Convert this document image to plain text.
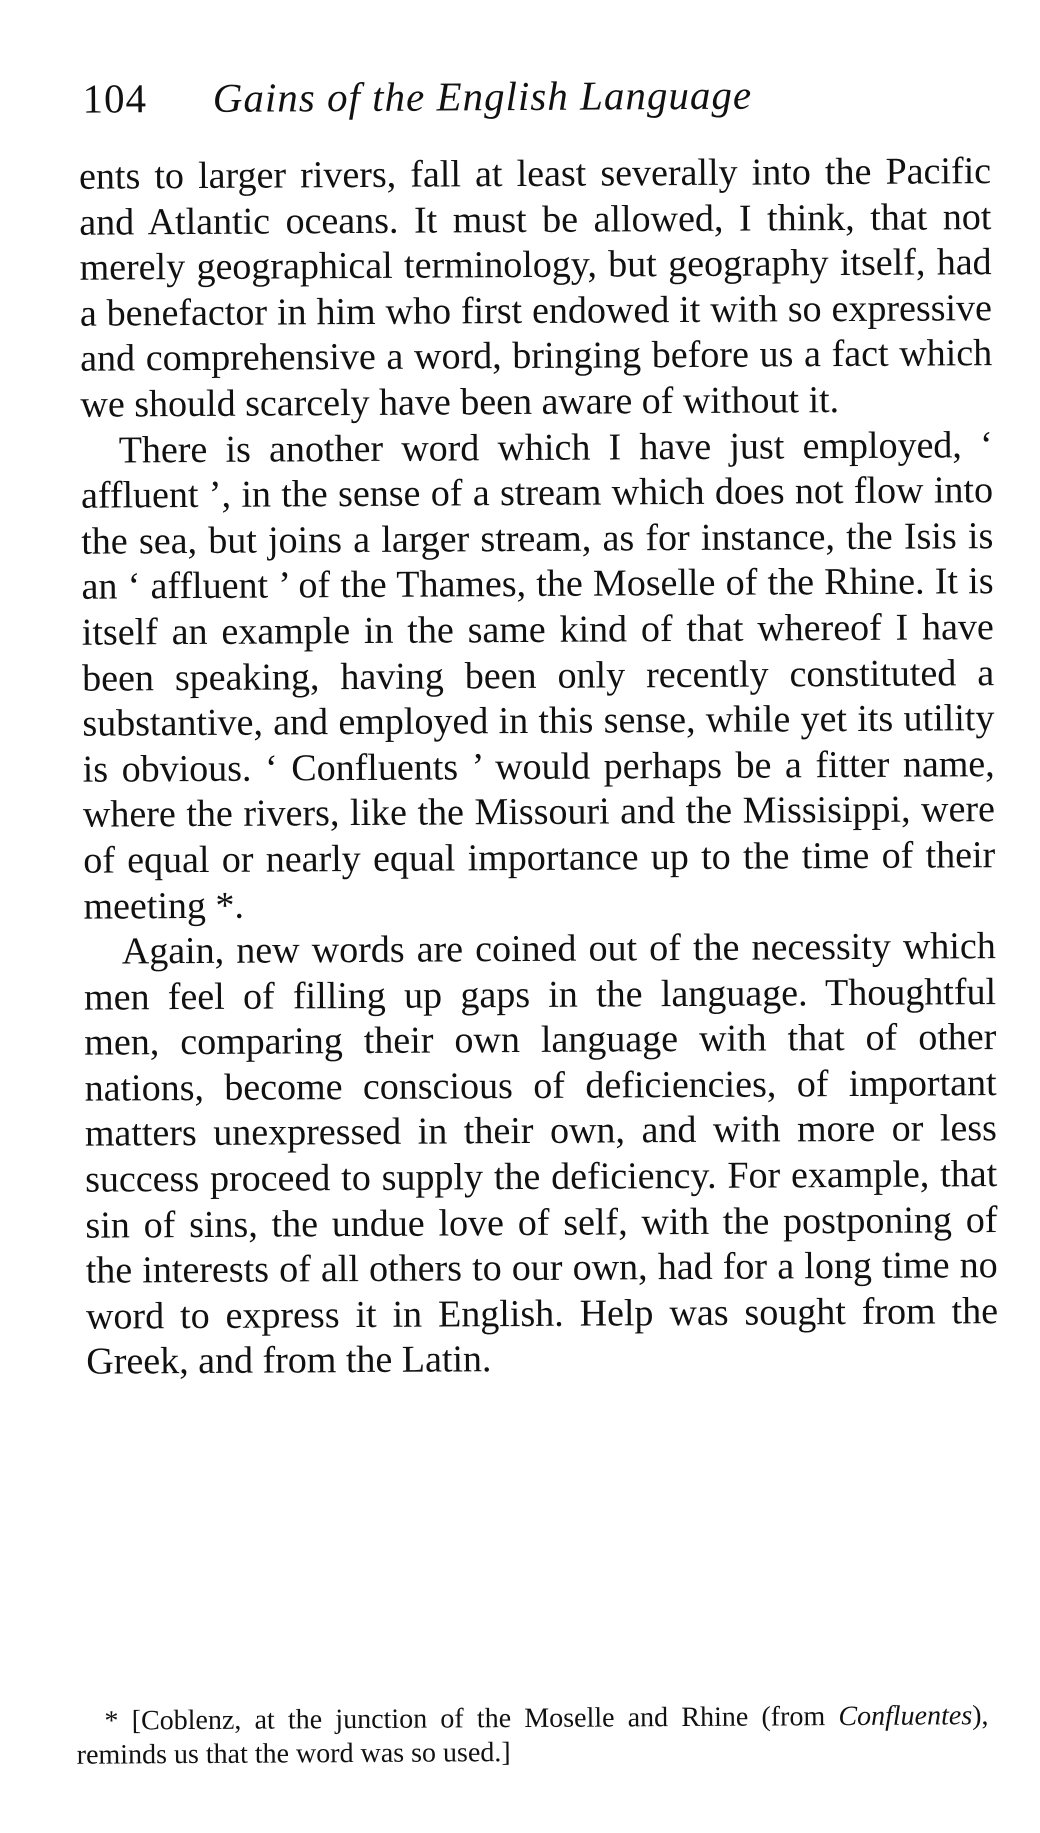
104 Gains of the English Language

ents to larger rivers, fall at least severally into the Pacific and Atlantic oceans. It must be allowed, I think, that not merely geographical terminology, but geography itself, had a benefactor in him who first endowed it with so expressive and comprehensive a word, bringing before us a fact which we should scarcely have been aware of without it.

There is another word which I have just employed, ‘ affluent ’, in the sense of a stream which does not flow into the sea, but joins a larger stream, as for instance, the Isis is an ‘ affluent ’ of the Thames, the Moselle of the Rhine. It is itself an example in the same kind of that whereof I have been speaking, having been only recently constituted a substantive, and employed in this sense, while yet its utility is obvious. ‘ Confluents ’ would perhaps be a fitter name, where the rivers, like the Missouri and the Missisippi, were of equal or nearly equal importance up to the time of their meeting *.

Again, new words are coined out of the necessity which men feel of filling up gaps in the language. Thoughtful men, comparing their own language with that of other nations, become conscious of deficiencies, of important matters unexpressed in their own, and with more or less success proceed to supply the deficiency. For example, that sin of sins, the undue love of self, with the postponing of the interests of all others to our own, had for a long time no word to express it in English. Help was sought from the Greek, and from the Latin.

* [Coblenz, at the junction of the Moselle and Rhine (from Confluentes), reminds us that the word was so used.]
